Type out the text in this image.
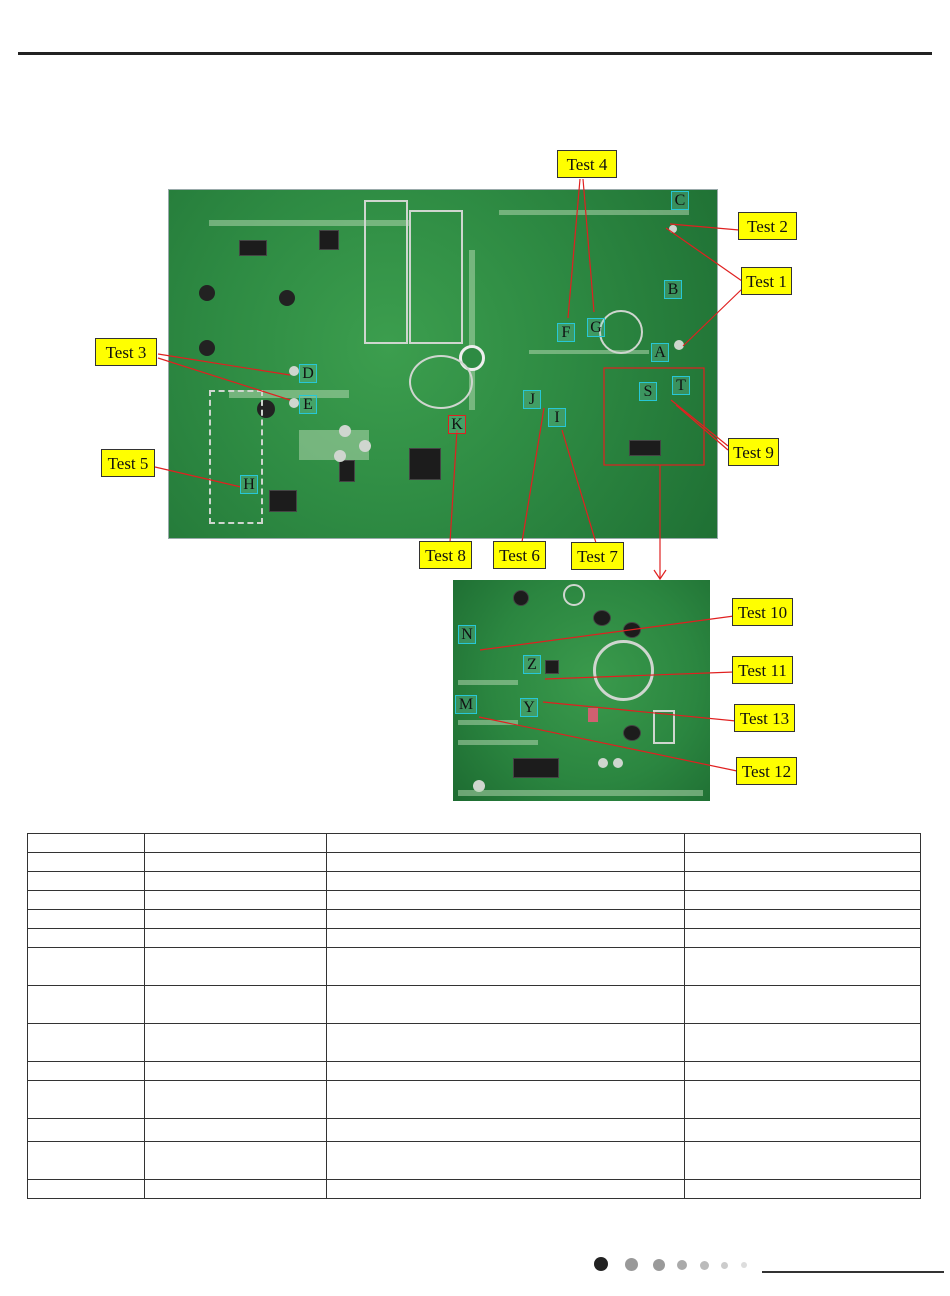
Test 4
Test 2
Test 1
Test 3
Test 5
Test 9
Test 8	Test 6	Test 7
Test 10
Test 11
Test 13
Test 12
C
B
A
F G
D
E	J
I
K
H
S T
N
Z
M	Y
